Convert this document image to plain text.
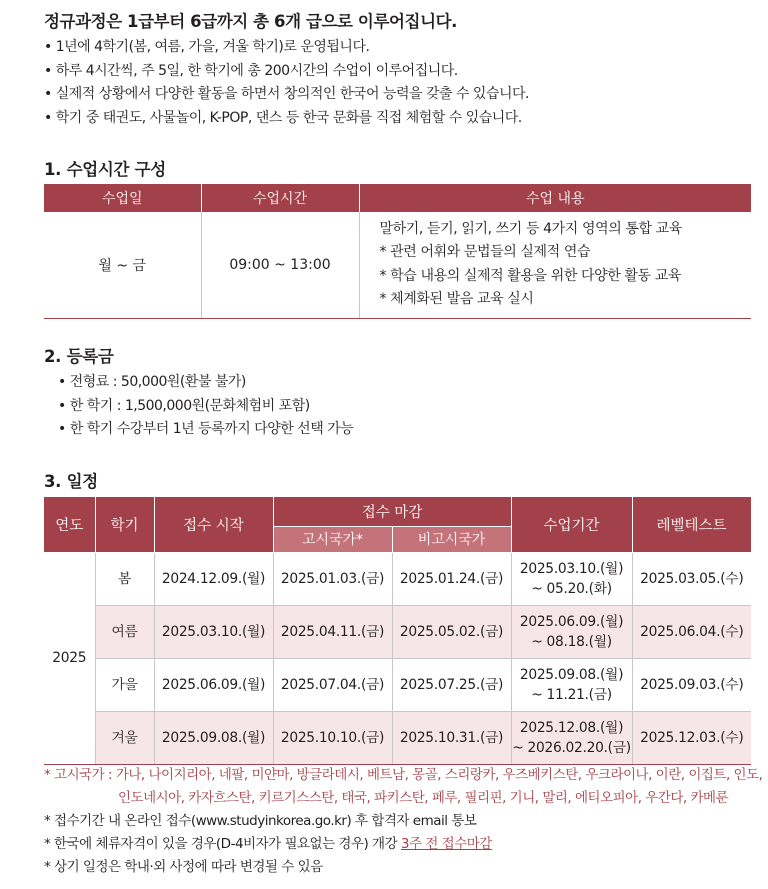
정규과정은 1급부터 6급까지 총 6개 급으로 이루어집니다.
• 1년에 4학기(봄, 여름, 가을, 겨울 학기)로 운영됩니다.
• 하루 4시간씩, 주 5일, 한 학기에 총 200시간의 수업이 이루어집니다.
• 실제적 상황에서 다양한 활동을 하면서 창의적인 한국어 능력을 갖출 수 있습니다.
• 학기 중 태권도, 사물놀이, K-POP, 댄스 등 한국 문화를 직접 체험할 수 있습니다.
1. 수업시간 구성
수업일	수업시간	수업 내용
월 ~ 금	09:00 ~ 13:00	말하기, 듣기, 읽기, 쓰기 등 4가지 영역의 통합 교육
* 관련 어휘와 문법들의 실제적 연습
* 학습 내용의 실제적 활용을 위한 다양한 활동 교육
* 체계화된 발음 교육 실시
2. 등록금
• 전형료 : 50,000원(환불 불가)
• 한 학기 : 1,500,000원(문화체험비 포함)
• 한 학기 수강부터 1년 등록까지 다양한 선택 가능
3. 일정
연도	학기	접수 시작	접수 마감		수업기간	레벨테스트
			고시국가*	비고시국가		
2025	봄	2024.12.09.(월)	2025.01.03.(금)	2025.01.24.(금)	2025.03.10.(월)
~ 05.20.(화)	2025.03.05.(수)
	여름	2025.03.10.(월)	2025.04.11.(금)	2025.05.02.(금)	2025.06.09.(월)
~ 08.18.(월)	2025.06.04.(수)
	가을	2025.06.09.(월)	2025.07.04.(금)	2025.07.25.(금)	2025.09.08.(월)
~ 11.21.(금)	2025.09.03.(수)
	겨울	2025.09.08.(월)	2025.10.10.(금)	2025.10.31.(금)	2025.12.08.(월)
~ 2026.02.20.(금)	2025.12.03.(수)
* 고시국가 : 가나, 나이지리아, 네팔, 미얀마, 방글라데시, 베트남, 몽골, 스리랑카, 우즈베키스탄, 우크라이나, 이란, 이집트, 인도,
인도네시아, 카자흐스탄, 키르기스스탄, 태국, 파키스탄, 페루, 필리핀, 기니, 말리, 에티오피아, 우간다, 카메룬
* 접수기간 내 온라인 접수(www.studyinkorea.go.kr) 후 합격자 email 통보
* 한국에 체류자격이 있을 경우(D-4비자가 필요없는 경우) 개강 3주 전 접수마감
* 상기 일정은 학내·외 사정에 따라 변경될 수 있음
